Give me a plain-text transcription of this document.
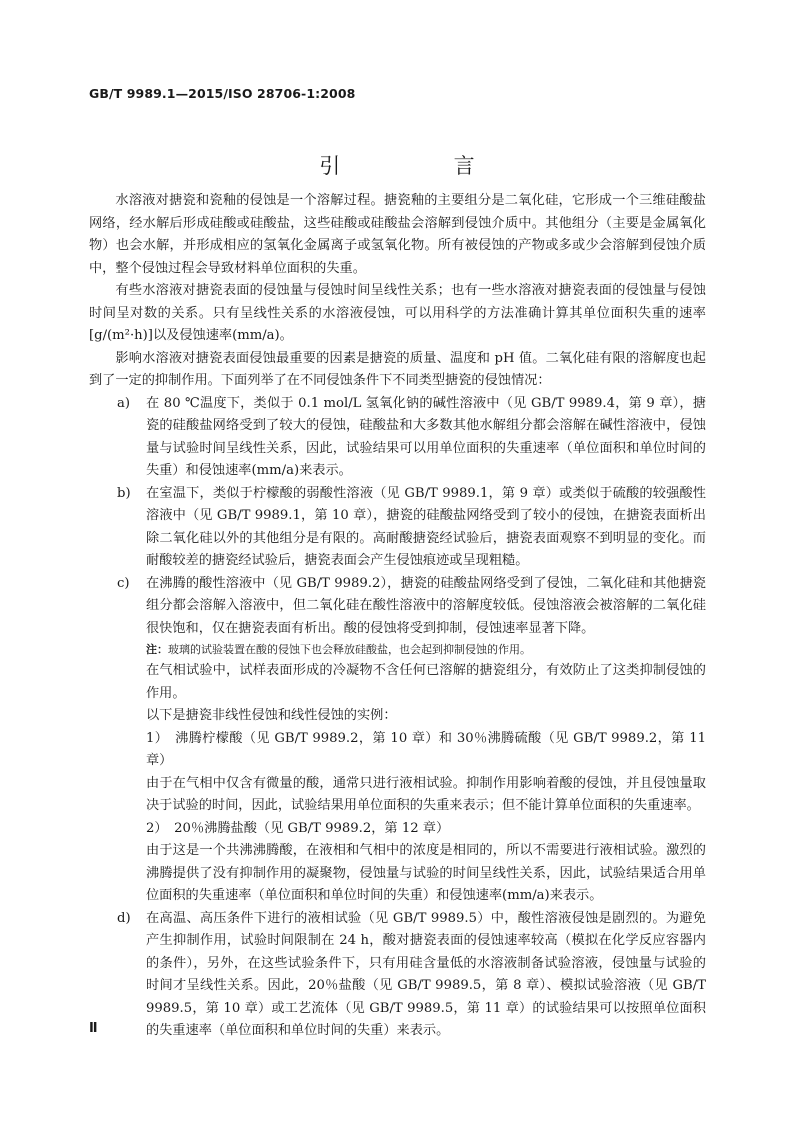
GB/T 9989.1—2015/ISO 28706-1:2008
引　言

水溶液对搪瓷和瓷釉的侵蚀是一个溶解过程。搪瓷釉的主要组分是二氧化硅，它形成一个三维硅酸盐网络，经水解后形成硅酸或硅酸盐，这些硅酸或硅酸盐会溶解到侵蚀介质中。其他组分（主要是金属氧化物）也会水解，并形成相应的氢氧化金属离子或氢氧化物。所有被侵蚀的产物或多或少会溶解到侵蚀介质中，整个侵蚀过程会导致材料单位面积的失重。

有些水溶液对搪瓷表面的侵蚀量与侵蚀时间呈线性关系；也有一些水溶液对搪瓷表面的侵蚀量与侵蚀时间呈对数的关系。只有呈线性关系的水溶液侵蚀，可以用科学的方法准确计算其单位面积失重的速率[g/(m²·h)]以及侵蚀速率(mm/a)。

影响水溶液对搪瓷表面侵蚀最重要的因素是搪瓷的质量、温度和 pH 值。二氧化硅有限的溶解度也起到了一定的抑制作用。下面列举了在不同侵蚀条件下不同类型搪瓷的侵蚀情况：

a) 在 80 ℃温度下，类似于 0.1 mol/L 氢氧化钠的碱性溶液中（见 GB/T 9989.4，第 9 章），搪瓷的硅酸盐网络受到了较大的侵蚀，硅酸盐和大多数其他水解组分都会溶解在碱性溶液中，侵蚀量与试验时间呈线性关系，因此，试验结果可以用单位面积的失重速率（单位面积和单位时间的失重）和侵蚀速率(mm/a)来表示。

b) 在室温下，类似于柠檬酸的弱酸性溶液（见 GB/T 9989.1，第 9 章）或类似于硫酸的较强酸性溶液中（见 GB/T 9989.1，第 10 章），搪瓷的硅酸盐网络受到了较小的侵蚀，在搪瓷表面析出除二氧化硅以外的其他组分是有限的。高耐酸搪瓷经试验后，搪瓷表面观察不到明显的变化。而耐酸较差的搪瓷经试验后，搪瓷表面会产生侵蚀痕迹或呈现粗糙。

c) 在沸腾的酸性溶液中（见 GB/T 9989.2），搪瓷的硅酸盐网络受到了侵蚀，二氧化硅和其他搪瓷组分都会溶解入溶液中，但二氧化硅在酸性溶液中的溶解度较低。侵蚀溶液会被溶解的二氧化硅很快饱和，仅在搪瓷表面有析出。酸的侵蚀将受到抑制，侵蚀速率显著下降。

注：玻璃的试验装置在酸的侵蚀下也会释放硅酸盐，也会起到抑制侵蚀的作用。

在气相试验中，试样表面形成的冷凝物不含任何已溶解的搪瓷组分，有效防止了这类抑制侵蚀的作用。

以下是搪瓷非线性侵蚀和线性侵蚀的实例：

1）　沸腾柠檬酸（见 GB/T 9989.2，第 10 章）和 30％沸腾硫酸（见 GB/T 9989.2，第 11 章）

由于在气相中仅含有微量的酸，通常只进行液相试验。抑制作用影响着酸的侵蚀，并且侵蚀量取决于试验的时间，因此，试验结果用单位面积的失重来表示；但不能计算单位面积的失重速率。

2）　20％沸腾盐酸（见 GB/T 9989.2，第 12 章）

由于这是一个共沸沸腾酸，在液相和气相中的浓度是相同的，所以不需要进行液相试验。激烈的沸腾提供了没有抑制作用的凝聚物，侵蚀量与试验的时间呈线性关系，因此，试验结果适合用单位面积的失重速率（单位面积和单位时间的失重）和侵蚀速率(mm/a)来表示。

d) 在高温、高压条件下进行的液相试验（见 GB/T 9989.5）中，酸性溶液侵蚀是剧烈的。为避免产生抑制作用，试验时间限制在 24 h，酸对搪瓷表面的侵蚀速率较高（模拟在化学反应容器内的条件），另外，在这些试验条件下，只有用硅含量低的水溶液制备试验溶液，侵蚀量与试验的时间才呈线性关系。因此，20％盐酸（见 GB/T 9989.5，第 8 章）、模拟试验溶液（见 GB/T 9989.5，第 10 章）或工艺流体（见 GB/T 9989.5，第 11 章）的试验结果可以按照单位面积的失重速率（单位面积和单位时间的失重）来表示。

Ⅱ
